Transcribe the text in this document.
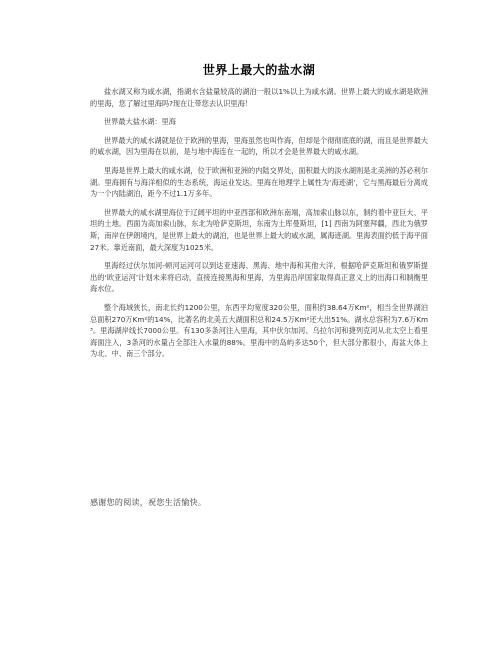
世界上最大的盐水湖

盐水湖又称为咸水湖，指湖水含盐量较高的湖泊一般以1%以上为咸水湖。世界上最大的咸水湖是欧洲的里海，您了解过里海吗?现在让带您去认识里海！

世界最大盐水湖：里海

世界最大的咸水湖就是位于欧洲的里海，里海虽然也叫作海，但却是个彻彻底底的湖，而且是世界最大的咸水湖，因为里海在以前，是与地中海连在一起的，所以才会是世界最大的咸水湖。

里海是世界上最大的咸水湖，位于欧洲和亚洲的内陆交界处，面积最大的淡水湖则是北美洲的苏必利尔湖。里海拥有与海洋相似的生态系统，海运业发达。里海在地理学上属性为‘海迹湖’，它与黑海最后分离成为一个内陆湖泊，距今不过1.1万多年。

世界最大的咸水湖里海位于辽阔平坦的中亚西部和欧洲东南端，高加索山脉以东，制约着中亚巨大、平坦的土地。西面为高加索山脉，东北为哈萨克斯坦，东南为土库曼斯坦，[1] 西南为阿塞拜疆，西北为俄罗斯，南岸在伊朗境内，是世界上最大的湖泊，也是世界上最大的咸水湖，属海迹湖。里海表面约低于海平面27米。靠近南面，最大深度为1025米。

里海经过伏尔加河-顿河运河可以到达亚速海、黑海、地中海和其他大洋，根据哈萨克斯坦和俄罗斯提出的‘欧亚运河’计划未来将启动，直接连接黑海和里海，为里海沿岸国家取得真正意义上的出海口和制衡里海水位。

整个海域狭长，南北长约1200公里，东西平均宽度320公里，面积约38.64万Km²，相当全世界湖泊总面积270万Km²的14%，比著名的北美五大湖面积总和24.5万Km²还大出51%。湖水总容积为7.6万Km³。里海湖岸线长7000公里。有130多条河注入里海，其中伏尔加河、乌拉尔河和捷列克河从北太空上看里海面注入，3条河的水量占全部注入水量的88%。里海中的岛屿多达50个，但大部分都很小，海盆大体上为北、中、南三个部分。

感谢您的阅读，祝您生活愉快。
